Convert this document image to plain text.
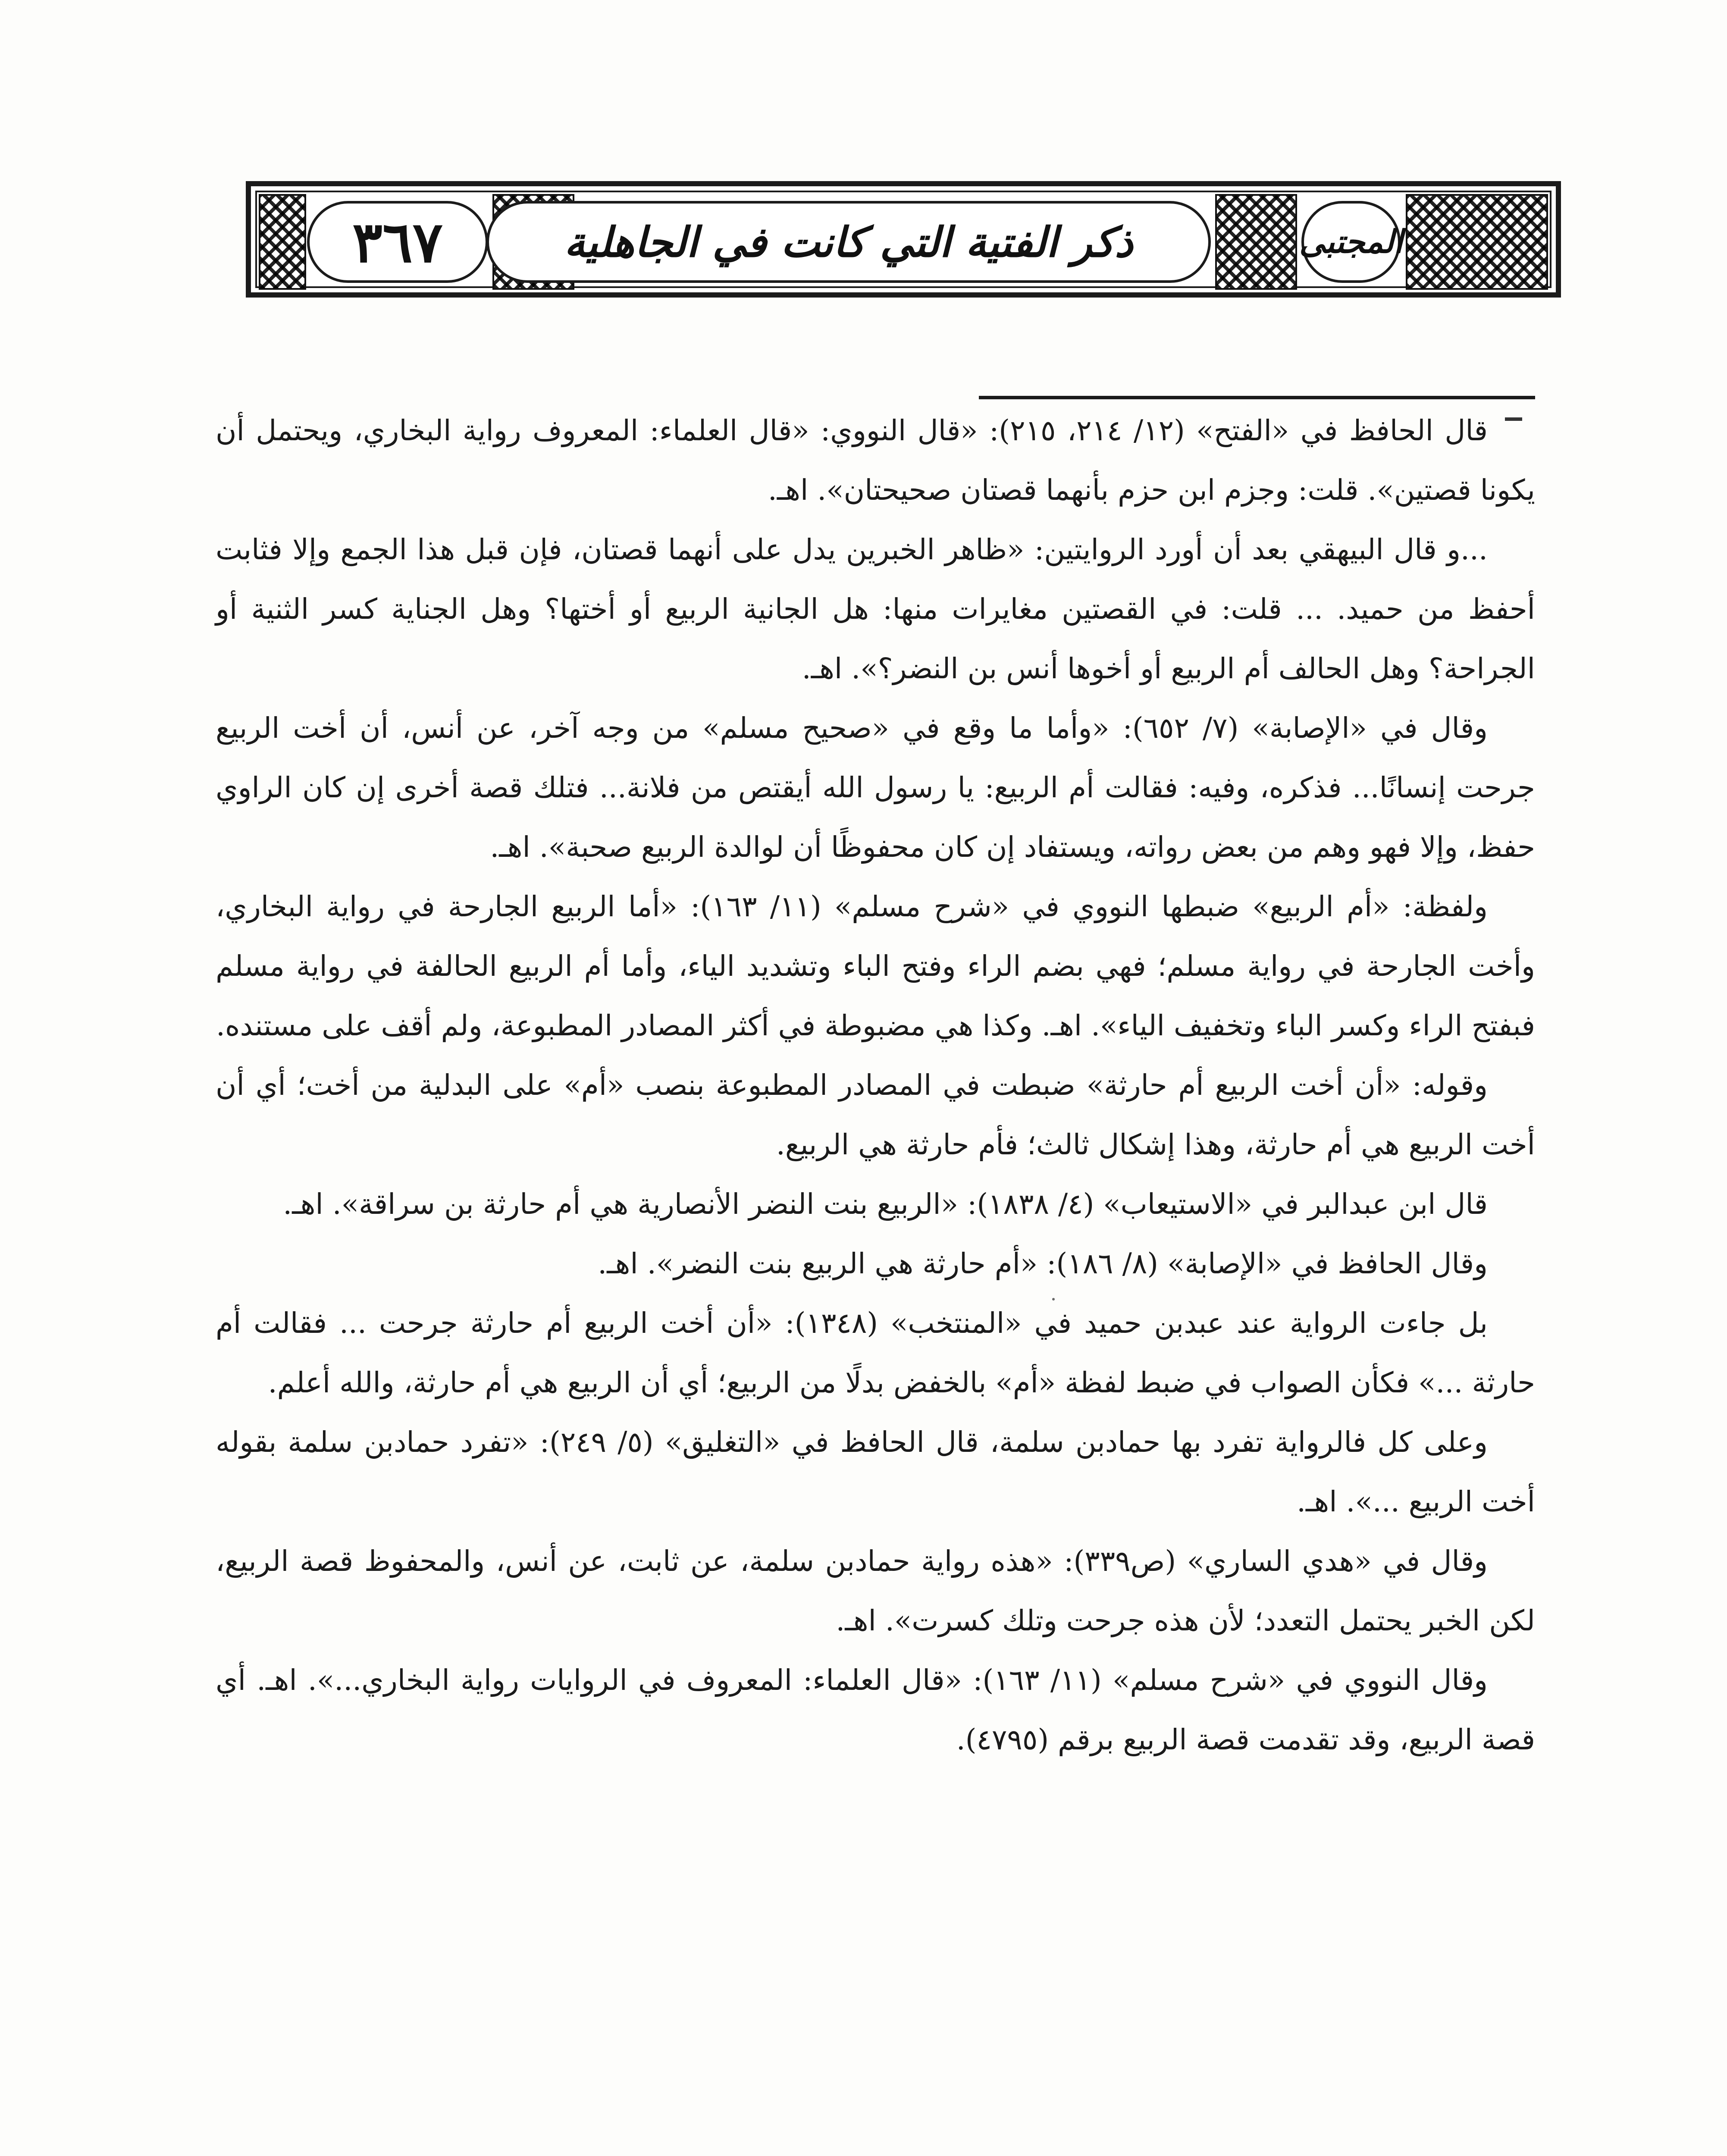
المجتبى
ذكر الفتية التي كانت في الجاهلية
٣٦٧

قال الحافظ في «الفتح» (١٢/ ٢١٤، ٢١٥): «قال النووي: «قال العلماء: المعروف رواية البخاري، ويحتمل أن يكونا قصتين». قلت: وجزم ابن حزم بأنهما قصتان صحيحتان». اهـ.

...و قال البيهقي بعد أن أورد الروايتين: «ظاهر الخبرين يدل على أنهما قصتان، فإن قبل هذا الجمع وإلا فثابت أحفظ من حميد. ... قلت: في القصتين مغايرات منها: هل الجانية الربيع أو أختها؟ وهل الجناية كسر الثنية أو الجراحة؟ وهل الحالف أم الربيع أو أخوها أنس بن النضر؟». اهـ.

وقال في «الإصابة» (٧/ ٦٥٢): «وأما ما وقع في «صحيح مسلم» من وجه آخر، عن أنس، أن أخت الربيع جرحت إنسانًا... فذكره، وفيه: فقالت أم الربيع: يا رسول الله أيقتص من فلانة... فتلك قصة أخرى إن كان الراوي حفظ، وإلا فهو وهم من بعض رواته، ويستفاد إن كان محفوظًا أن لوالدة الربيع صحبة». اهـ.

ولفظة: «أم الربيع» ضبطها النووي في «شرح مسلم» (١١/ ١٦٣): «أما الربيع الجارحة في رواية البخاري، وأخت الجارحة في رواية مسلم؛ فهي بضم الراء وفتح الباء وتشديد الياء، وأما أم الربيع الحالفة في رواية مسلم فبفتح الراء وكسر الباء وتخفيف الياء». اهـ. وكذا هي مضبوطة في أكثر المصادر المطبوعة، ولم أقف على مستنده.

وقوله: «أن أخت الربيع أم حارثة» ضبطت في المصادر المطبوعة بنصب «أم» على البدلية من أخت؛ أي أن أخت الربيع هي أم حارثة، وهذا إشكال ثالث؛ فأم حارثة هي الربيع.

قال ابن عبدالبر في «الاستيعاب» (٤/ ١٨٣٨): «الربيع بنت النضر الأنصارية هي أم حارثة بن سراقة». اهـ.

وقال الحافظ في «الإصابة» (٨/ ١٨٦): «أم حارثة هي الربيع بنت النضر». اهـ.

بل جاءت الرواية عند عبدبن حميد في «المنتخب» (١٣٤٨): «أن أخت الربيع أم حارثة جرحت ... فقالت أم حارثة ...» فكأن الصواب في ضبط لفظة «أم» بالخفض بدلًا من الربيع؛ أي أن الربيع هي أم حارثة، والله أعلم.

وعلى كل فالرواية تفرد بها حمادبن سلمة، قال الحافظ في «التغليق» (٥/ ٢٤٩): «تفرد حمادبن سلمة بقوله أخت الربيع ...». اهـ.

وقال في «هدي الساري» (ص٣٣٩): «هذه رواية حمادبن سلمة، عن ثابت، عن أنس، والمحفوظ قصة الربيع، لكن الخبر يحتمل التعدد؛ لأن هذه جرحت وتلك كسرت». اهـ.

وقال النووي في «شرح مسلم» (١١/ ١٦٣): «قال العلماء: المعروف في الروايات رواية البخاري...». اهـ. أي قصة الربيع، وقد تقدمت قصة الربيع برقم (٤٧٩٥).
